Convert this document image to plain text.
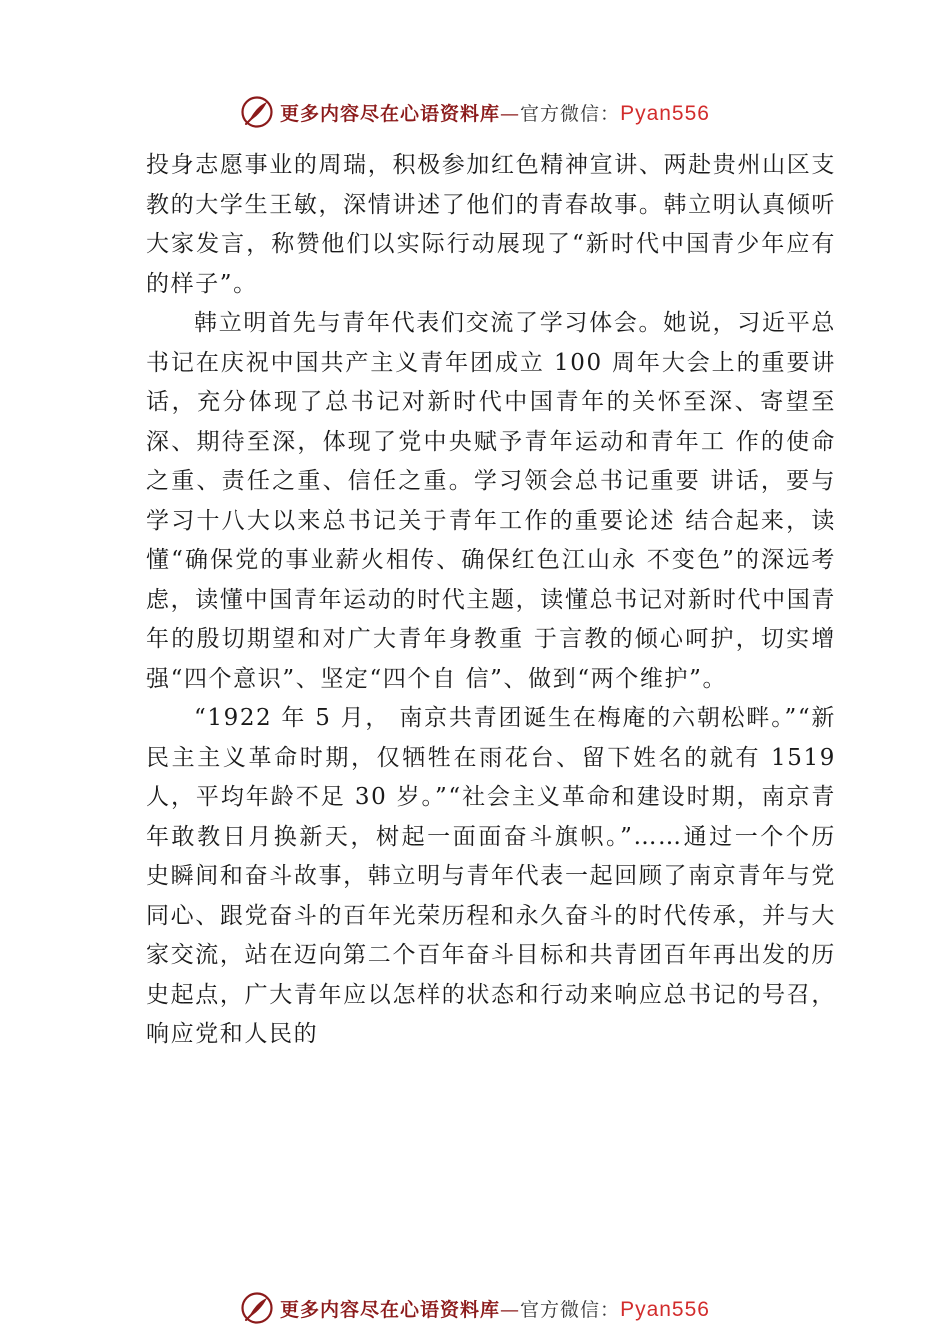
更多内容尽在心语资料库—官方微信：Pyan556

投身志愿事业的周瑞，积极参加红色精神宣讲、两赴贵州山区支教的大学生王敏，深情讲述了他们的青春故事。韩立明认真倾听大家发言，称赞他们以实际行动展现了“新时代中国青少年应有的样子”。

韩立明首先与青年代表们交流了学习体会。她说，习近平总书记在庆祝中国共产主义青年团成立 100 周年大会上的重要讲话，充分体现了总书记对新时代中国青年的关怀至深、寄望至深、期待至深，体现了党中央赋予青年运动和青年工 作的使命之重、责任之重、信任之重。学习领会总书记重要 讲话，要与学习十八大以来总书记关于青年工作的重要论述 结合起来，读懂“确保党的事业薪火相传、确保红色江山永 不变色”的深远考虑，读懂中国青年运动的时代主题，读懂总书记对新时代中国青年的殷切期望和对广大青年身教重 于言教的倾心呵护，切实增强“四个意识”、坚定“四个自 信”、做到“两个维护”。

“1922 年 5 月， 南京共青团诞生在梅庵的六朝松畔。”“新民主主义革命时期，仅牺牲在雨花台、留下姓名的就有 1519 人，平均年龄不足 30 岁。”“社会主义革命和建设时期，南京青年敢教日月换新天，树起一面面奋斗旗帜。”……通过一个个历史瞬间和奋斗故事，韩立明与青年代表一起回顾了南京青年与党同心、跟党奋斗的百年光荣历程和永久奋斗的时代传承，并与大家交流，站在迈向第二个百年奋斗目标和共青团百年再出发的历史起点，广大青年应以怎样的状态和行动来响应总书记的号召，响应党和人民的

更多内容尽在心语资料库—官方微信：Pyan556
